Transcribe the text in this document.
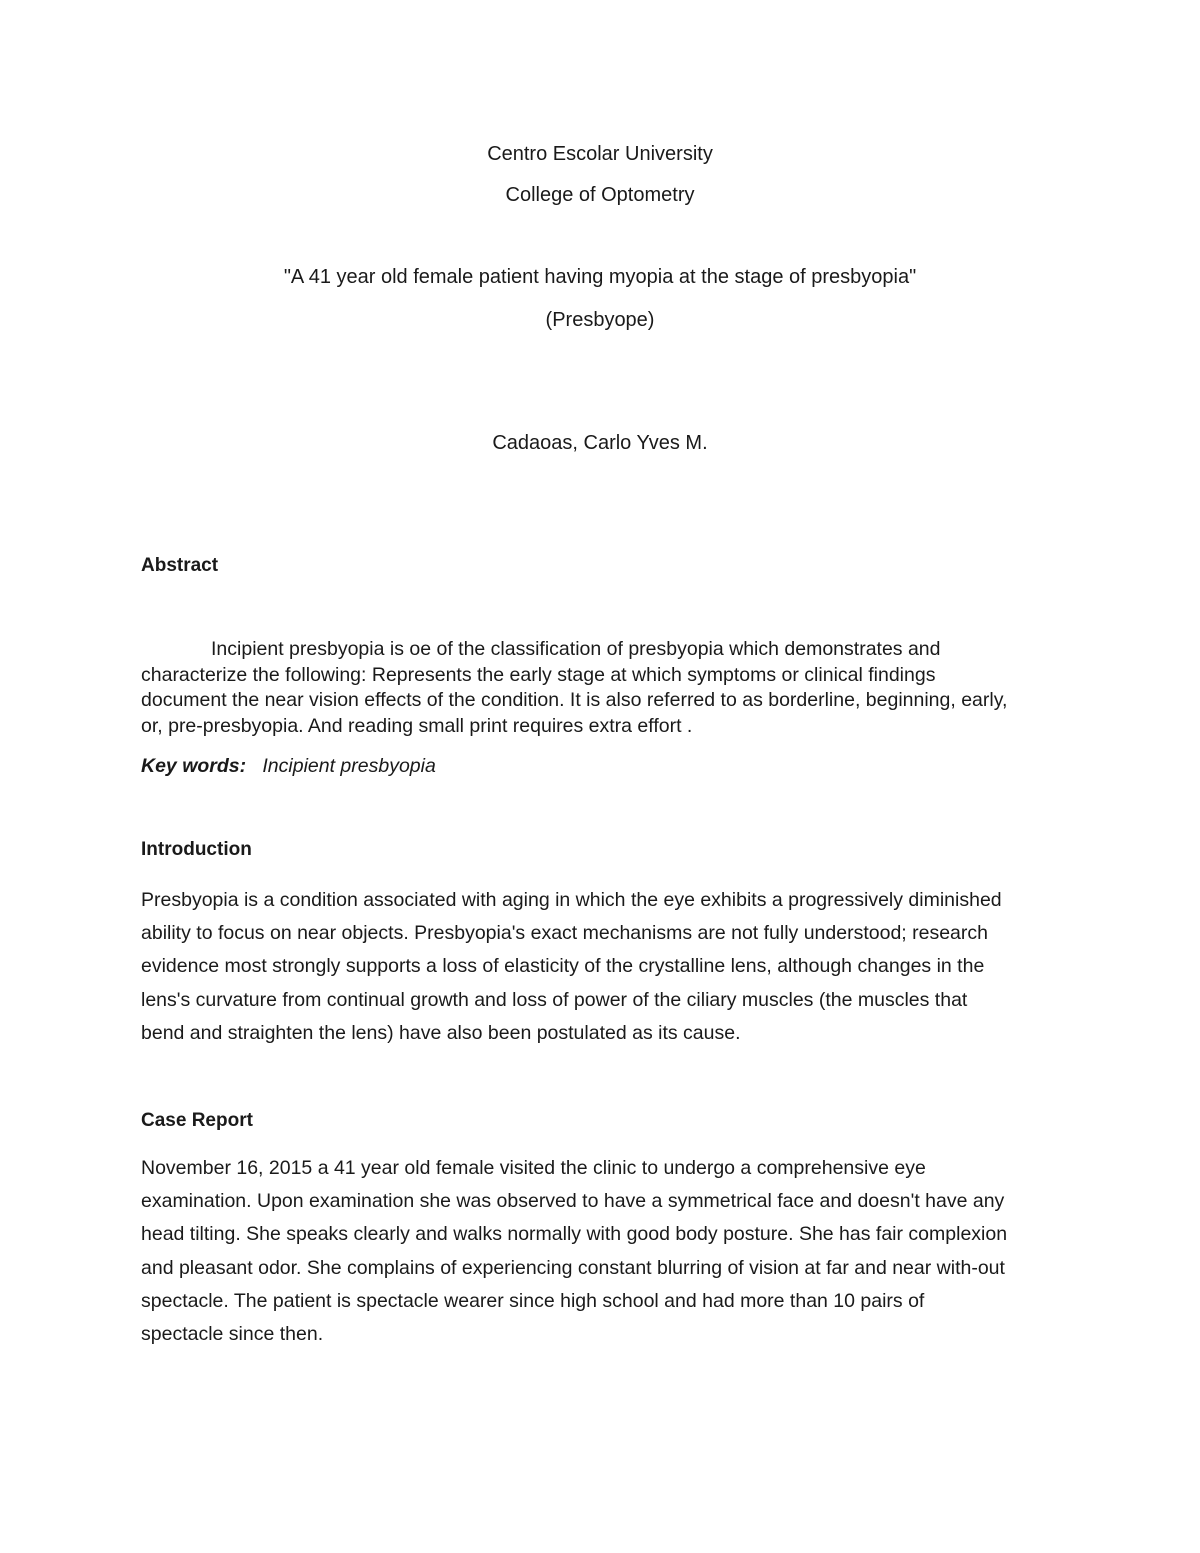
Centro Escolar University
College of Optometry
"A 41 year old female patient having myopia at the stage of presbyopia"
(Presbyope)
Cadaoas, Carlo Yves M.
Abstract
Incipient presbyopia is oe of the classification of presbyopia which demonstrates and
characterize the following: Represents the early stage at which symptoms or clinical findings
document the near vision effects of the condition. It is also referred to as borderline, beginning, early,
or, pre-presbyopia. And reading small print requires extra effort .
Key words: Incipient presbyopia
Introduction
Presbyopia is a condition associated with aging in which the eye exhibits a progressively diminished
ability to focus on near objects. Presbyopia's exact mechanisms are not fully understood; research
evidence most strongly supports a loss of elasticity of the crystalline lens, although changes in the
lens's curvature from continual growth and loss of power of the ciliary muscles (the muscles that
bend and straighten the lens) have also been postulated as its cause.
Case Report
November 16, 2015 a 41 year old female visited the clinic to undergo a comprehensive eye
examination. Upon examination she was observed to have a symmetrical face and doesn't have any
head tilting. She speaks clearly and walks normally with good body posture. She has fair complexion
and pleasant odor. She complains of experiencing constant blurring of vision at far and near with-out
spectacle. The patient is spectacle wearer since high school and had more than 10 pairs of
spectacle since then.
